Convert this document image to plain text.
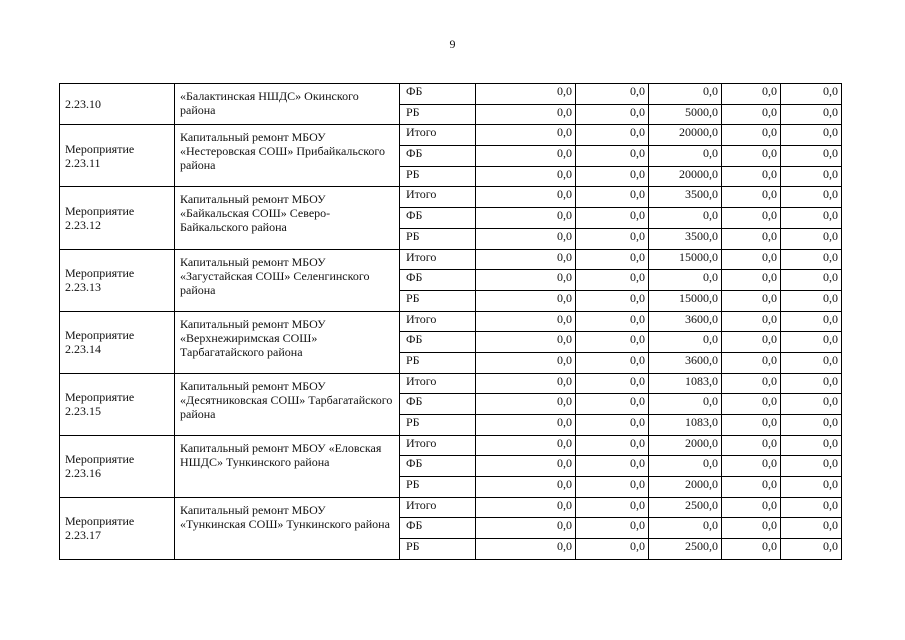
9
2.23.10	«Балактинская НШДС» Окинского района	ФБ	0,0	0,0	0,0	0,0	0,0
		РБ	0,0	0,0	5000,0	0,0	0,0
Мероприятие 2.23.11	Капитальный ремонт МБОУ «Нестеровская СОШ» Прибайкальского района	Итого	0,0	0,0	20000,0	0,0	0,0
		ФБ	0,0	0,0	0,0	0,0	0,0
		РБ	0,0	0,0	20000,0	0,0	0,0
Мероприятие 2.23.12	Капитальный ремонт МБОУ «Байкальская СОШ» Северо-Байкальского района	Итого	0,0	0,0	3500,0	0,0	0,0
		ФБ	0,0	0,0	0,0	0,0	0,0
		РБ	0,0	0,0	3500,0	0,0	0,0
Мероприятие 2.23.13	Капитальный ремонт МБОУ «Загустайская СОШ» Селенгинского района	Итого	0,0	0,0	15000,0	0,0	0,0
		ФБ	0,0	0,0	0,0	0,0	0,0
		РБ	0,0	0,0	15000,0	0,0	0,0
Мероприятие 2.23.14	Капитальный ремонт МБОУ «Верхнежиримская СОШ» Тарбагатайского района	Итого	0,0	0,0	3600,0	0,0	0,0
		ФБ	0,0	0,0	0,0	0,0	0,0
		РБ	0,0	0,0	3600,0	0,0	0,0
Мероприятие 2.23.15	Капитальный ремонт МБОУ «Десятниковская СОШ» Тарбагатайского района	Итого	0,0	0,0	1083,0	0,0	0,0
		ФБ	0,0	0,0	0,0	0,0	0,0
		РБ	0,0	0,0	1083,0	0,0	0,0
Мероприятие 2.23.16	Капитальный ремонт МБОУ «Еловская НШДС» Тункинского района	Итого	0,0	0,0	2000,0	0,0	0,0
		ФБ	0,0	0,0	0,0	0,0	0,0
		РБ	0,0	0,0	2000,0	0,0	0,0
Мероприятие 2.23.17	Капитальный ремонт МБОУ «Тункинская СОШ» Тункинского района	Итого	0,0	0,0	2500,0	0,0	0,0
		ФБ	0,0	0,0	0,0	0,0	0,0
		РБ	0,0	0,0	2500,0	0,0	0,0
